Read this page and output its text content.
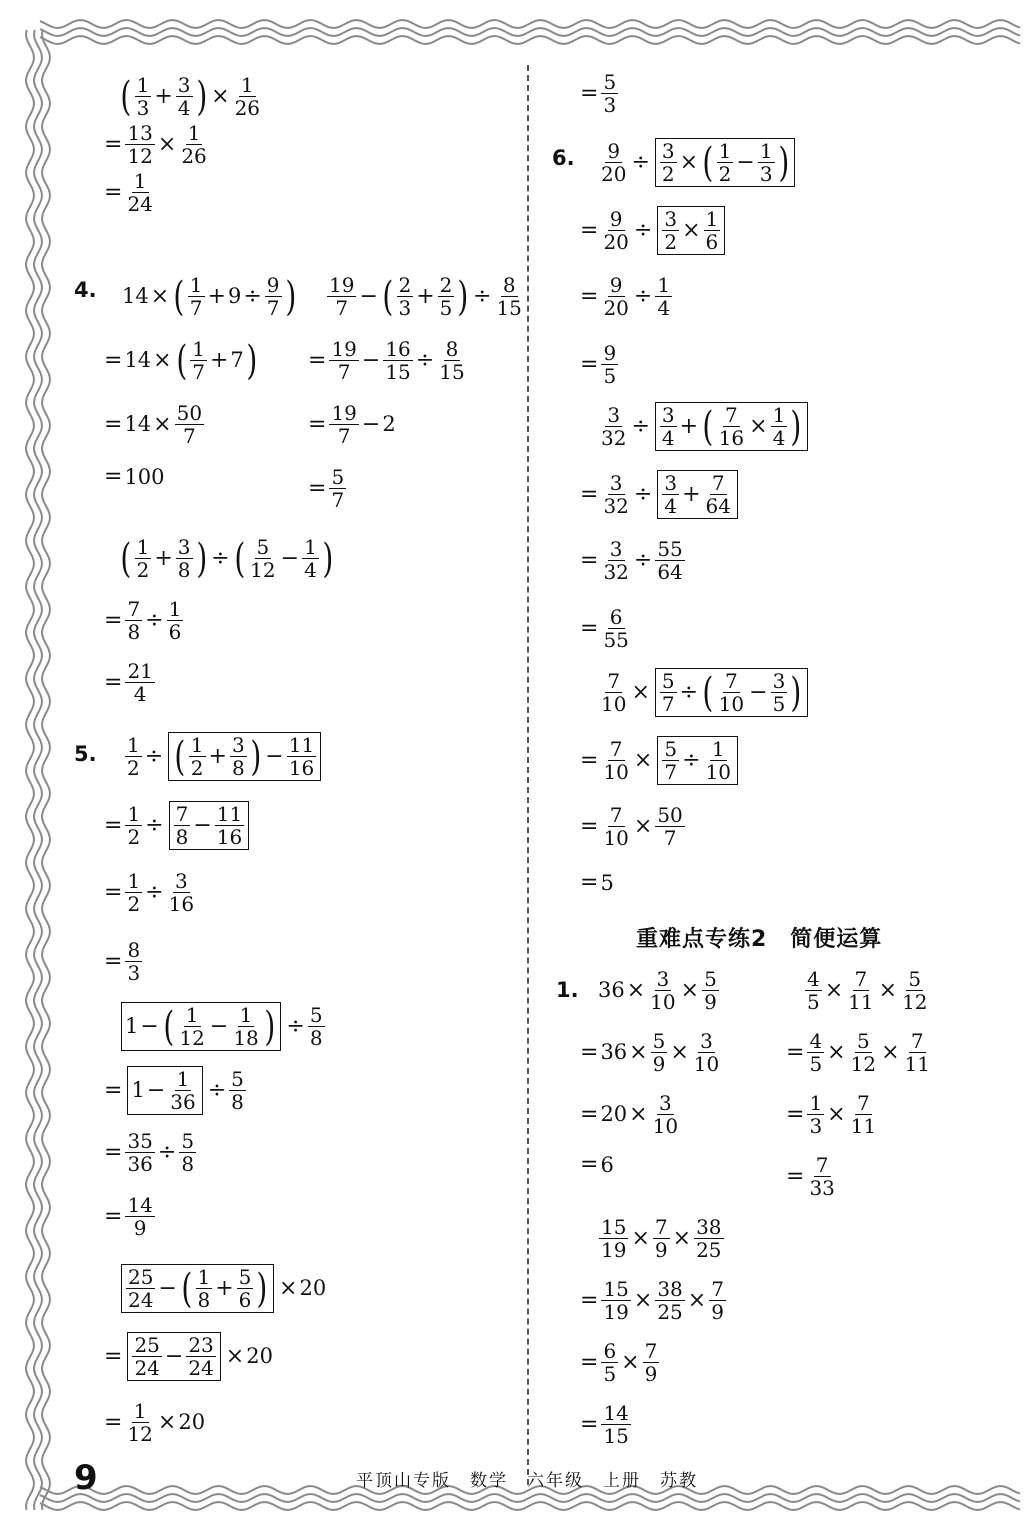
( $\frac{1}{3} + \frac{3}{4}$
) × $\frac{1}{26}$
= $\frac{13}{12} \times \frac{1}{26}$
= $\frac{1}{24}$
4. 14 × ( $\frac{1}{7} + 9 \div \frac{9}{7}$
)
= 14 × ( $\frac{1}{7} + 7$
)
= $14 \times \frac{50}{7}$
= 100
$\frac{19}{7}$ − ( $\frac{2}{3} + \frac{2}{5}$
) ÷ $\frac{8}{15}$
= $\frac{19}{7} - \frac{16}{15} \div \frac{8}{15}$
= $\frac{19}{7} - 2$
= $\frac{5}{7}$
( $\frac{1}{2} + \frac{3}{8}$
) ÷ ( $\frac{5}{12} - \frac{1}{4}$
)
= $\frac{7}{8} \div \frac{1}{6}$
= $\frac{21}{4}$
5. $\frac{1}{2}$ ÷ ( $\frac{1}{2} + \frac{3}{8}$
) − $\frac{11}{16}$
= $\frac{1}{2} \div \frac{7}{8} - \frac{11}{16}$
= $\frac{1}{2} \div \frac{3}{16}$
= $\frac{8}{3}$
1 − ( $\frac{1}{12} - \frac{1}{18}$
) ÷ $\frac{5}{8}$
= $1 - \frac{1}{36} \div \frac{5}{8}$
= $\frac{35}{36} \div \frac{5}{8}$
= $\frac{14}{9}$
$\frac{25}{24}$ − ( $\frac{1}{8} + \frac{5}{6}$
) × 20
= $\frac{25}{24} - \frac{23}{24} \times 20$
= $\frac{1}{12} \times 20$
= $\frac{5}{3}$
6. $\frac{9}{20} \div \frac{3}{2}$ × ( $\frac{1}{2} - \frac{1}{3}$
)
= $\frac{9}{20} \div \frac{3}{2} \times \frac{1}{6}$
= $\frac{9}{20} \div \frac{1}{4}$
= $\frac{9}{5}$
$\frac{3}{32} \div \frac{3}{4}$ + ( $\frac{7}{16} \times \frac{1}{4}$
)
= $\frac{3}{32} \div \frac{3}{4} + \frac{7}{64}$
= $\frac{3}{32} \div \frac{55}{64}$
= $\frac{6}{55}$
$\frac{7}{10} \times \frac{5}{7}$ ÷ ( $\frac{7}{10} - \frac{3}{5}$
)
= $\frac{7}{10} \times \frac{5}{7} \div \frac{1}{10}$
= $\frac{7}{10} \times \frac{50}{7}$
= 5
重难点专练2　简便运算
1. $36 \times \frac{3}{10} \times \frac{5}{9}$
= $36 \times \frac{5}{9} \times \frac{3}{10}$
= $20 \times \frac{3}{10}$
= 6
$\frac{4}{5} \times \frac{7}{11} \times \frac{5}{12}$
= $\frac{4}{5} \times \frac{5}{12} \times \frac{7}{11}$
= $\frac{1}{3} \times \frac{7}{11}$
= $\frac{7}{33}$
$\frac{15}{19} \times \frac{7}{9} \times \frac{38}{25}$
= $\frac{15}{19} \times \frac{38}{25} \times \frac{7}{9}$
= $\frac{6}{5} \times \frac{7}{9}$
= $\frac{14}{15}$
9	平顶山专版　数学　六年级　上册　苏教
